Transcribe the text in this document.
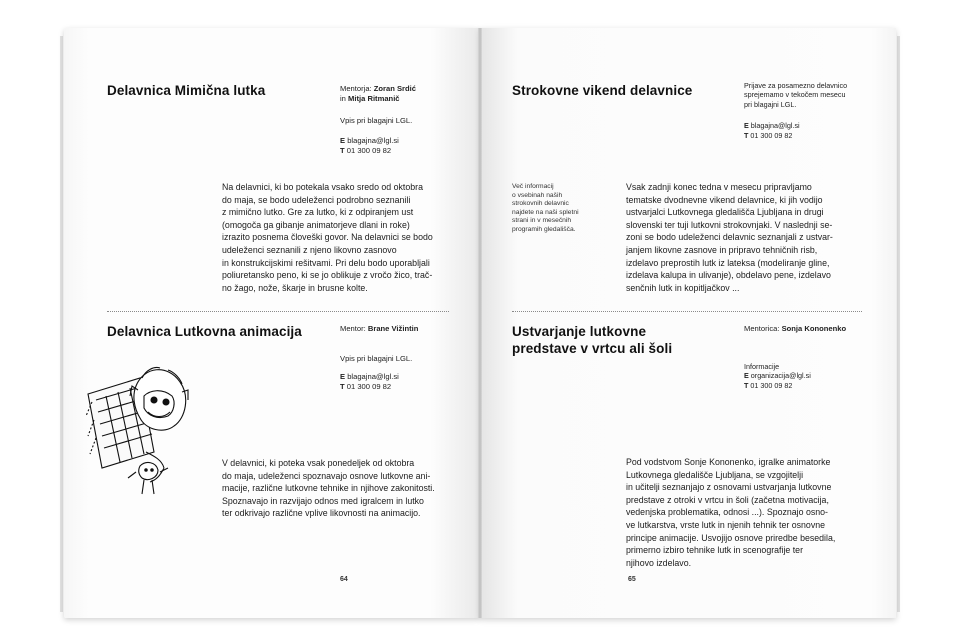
Delavnica Mimična lutka	Mentorja: Zoran Srdić
in Mitja Ritmanič

Vpis pri blagajni LGL.

E blagajna@lgl.si
T 01 300 09 82

Na delavnici, ki bo potekala vsako sredo od oktobra
do maja, se bodo udeleženci podrobno seznanili
z mimično lutko. Gre za lutko, ki z odpiranjem ust
(omogoča ga gibanje animatorjeve dlani in roke)
izrazito posnema človeški govor. Na delavnici se bodo
udeleženci seznanili z njeno likovno zasnovo
in konstrukcijskimi rešitvami. Pri delu bodo uporabljali
poliuretansko peno, ki se jo oblikuje z vročo žico, trač-
no žago, nože, škarje in brusne kolte.
Delavnica Lutkovna animacija	Mentor: Brane Vižintin

Vpis pri blagajni LGL.

E blagajna@lgl.si
T 01 300 09 82

V delavnici, ki poteka vsak ponedeljek od oktobra
do maja, udeleženci spoznavajo osnove lutkovne ani-
macije, različne lutkovne tehnike in njihove zakonitosti.
Spoznavajo in razvijajo odnos med igralcem in lutko
ter odkrivajo različne vplive likovnosti na animacijo.
64
Strokovne vikend delavnice	Prijave za posamezno delavnico
sprejemamo v tekočem mesecu
pri blagajni LGL.
E blagajna@lgl.si
T 01 300 09 82
Več informacij
o vsebinah naših
strokovnih delavnic
najdete na naši spletni
strani in v mesečnih
programih gledališča.
Vsak zadnji konec tedna v mesecu pripravljamo
tematske dvodnevne vikend delavnice, ki jih vodijo
ustvarjalci Lutkovnega gledališča Ljubljana in drugi
slovenski ter tuji lutkovni strokovnjaki. V naslednji se-
zoni se bodo udeleženci delavnic seznanjali z ustvar-
janjem likovne zasnove in pripravo tehničnih risb,
izdelavo preprostih lutk iz lateksa (modeliranje gline,
izdelava kalupa in ulivanje), obdelavo pene, izdelavo
senčnih lutk in kopitljačkov ...
Ustvarjanje lutkovne
predstave v vrtcu ali šoli
Mentorica: Sonja Kononenko
Informacije
E organizacija@lgl.si
T 01 300 09 82
Pod vodstvom Sonje Kononenko, igralke animatorke
Lutkovnega gledališče Ljubljana, se vzgojitelji
in učitelji seznanjajo z osnovami ustvarjanja lutkovne
predstave z otroki v vrtcu in šoli (začetna motivacija,
vedenjska problematika, odnosi ...). Spoznajo osno-
ve lutkarstva, vrste lutk in njenih tehnik ter osnovne
principe animacije. Usvojijo osnove priredbe besedila,
primerno izbiro tehnike lutk in scenografije ter
njihovo izdelavo.
65
